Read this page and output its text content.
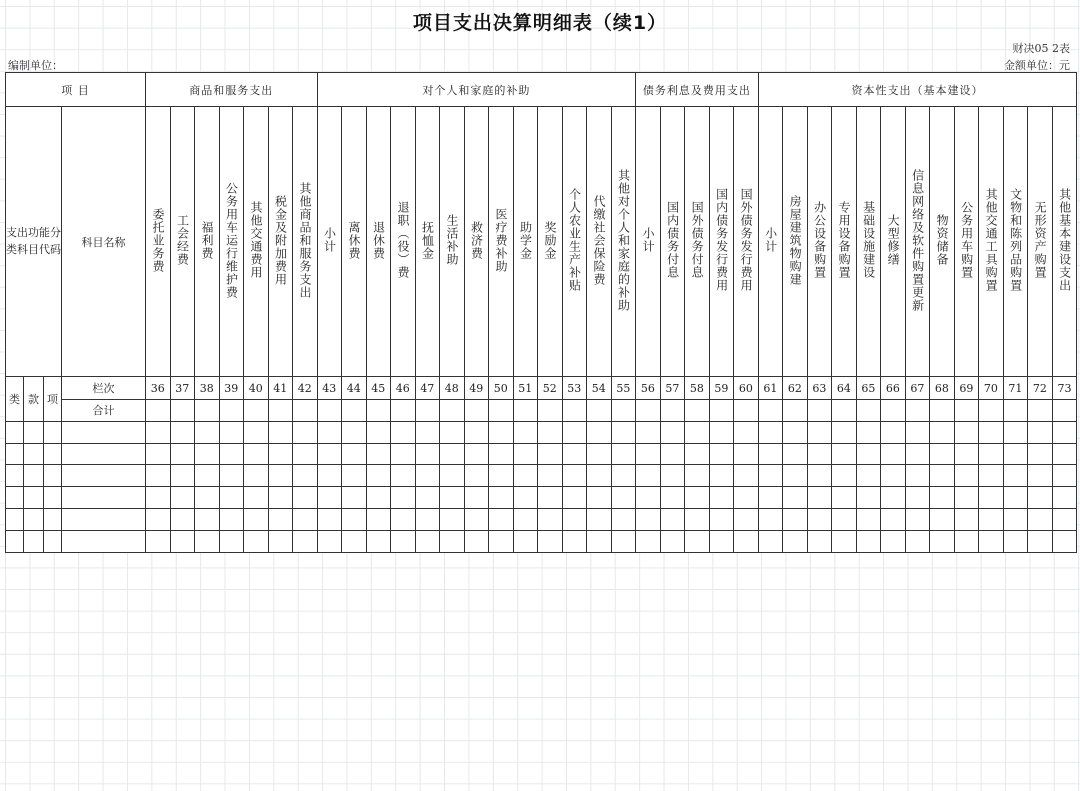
项目支出决算明细表（续1）
财决05 2表
编制单位：	金额单位：元
项 目				商品和服务支出							对个人和家庭的补助													债务利息及费用支出					资本性支出（基本建设）												
支出功能分类科目代码			科目名称	委托业务费	工会经费	福利费	公务用车运行维护费	其他交通费用	税金及附加费用	其他商品和服务支出	小计	离休费	退休费	退职（役）费	抚恤金	生活补助	救济费	医疗费补助	助学金	奖励金	个人农业生产补贴	代缴社会保险费	其他对个人和家庭的补助	小计	国内债务付息	国外债务付息	国内债务发行费用	国外债务发行费用	小计	房屋建筑物购建	办公设备购置	专用设备购置	基础设施建设	大型修缮	信息网络及软件购置更新	物资储备	公务用车购置	其他交通工具购置	文物和陈列品购置	无形资产购置	其他基本建设支出
类	款	项	栏次	36	37	38	39	40	41	42	43	44	45	46	47	48	49	50	51	52	53	54	55	56	57	58	59	60	61	62	63	64	65	66	67	68	69	70	71	72	73
			合计																																						
